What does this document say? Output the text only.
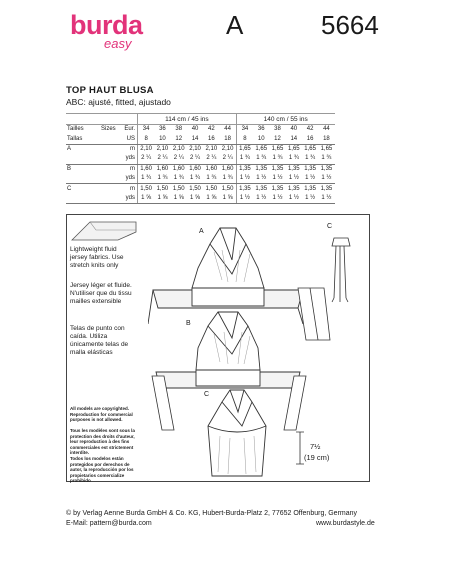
burda
easy
A	5664
TOP HAUT BLUSA
ABC: ajusté, fitted, ajustado
			114 cm / 45 ins						140 cm / 55 ins					
Tailles	Sizes	Eur.	34	36	38	40	42	44	34	36	38	40	42	44
Tallas		US	8	10	12	14	16	18	8	10	12	14	16	18
A		m	2,10	2,10	2,10	2,10	2,10	2,10	1,65	1,65	1,65	1,65	1,65	1,65
		yds	2 ¼	2 ¼	2 ¼	2 ¼	2 ¼	2 ¼	1 ¾	1 ¾	1 ¾	1 ¾	1 ¾	1 ¾
B		m	1,60	1,60	1,60	1,60	1,60	1,60	1,35	1,35	1,35	1,35	1,35	1,35
		yds	1 ¾	1 ¾	1 ¾	1 ¾	1 ¾	1 ¾	1 ½	1 ½	1 ½	1 ½	1 ½	1 ½
C		m	1,50	1,50	1,50	1,50	1,50	1,50	1,35	1,35	1,35	1,35	1,35	1,35
		yds	1 ⅝	1 ⅝	1 ⅝	1 ⅝	1 ⅝	1 ⅝	1 ½	1 ½	1 ½	1 ½	1 ½	1 ½
Lightweight fluid jersey fabrics. Use stretch knits only
Jersey léger et fluide. N'utiliser que du tissu mailles extensible
Telas de punto con caída. Utiliza únicamente telas de malla elásticas
All models are copyrighted. Reproduction for commercial purposes is not allowed.
Tous les modèles sont sous la protection des droits d'auteur, leur reproduction à des fins commerciales est strictement interdite.
Todos los modelos están protegidos por derechos de autor, la reproducción por los propietarios comercialize prohibido
A
B
C
C
7½
(19 cm)
© by Verlag Aenne Burda GmbH & Co. KG, Hubert-Burda-Platz 2, 77652 Offenburg, Germany
E-Mail: pattern@burda.com	www.burdastyle.de
